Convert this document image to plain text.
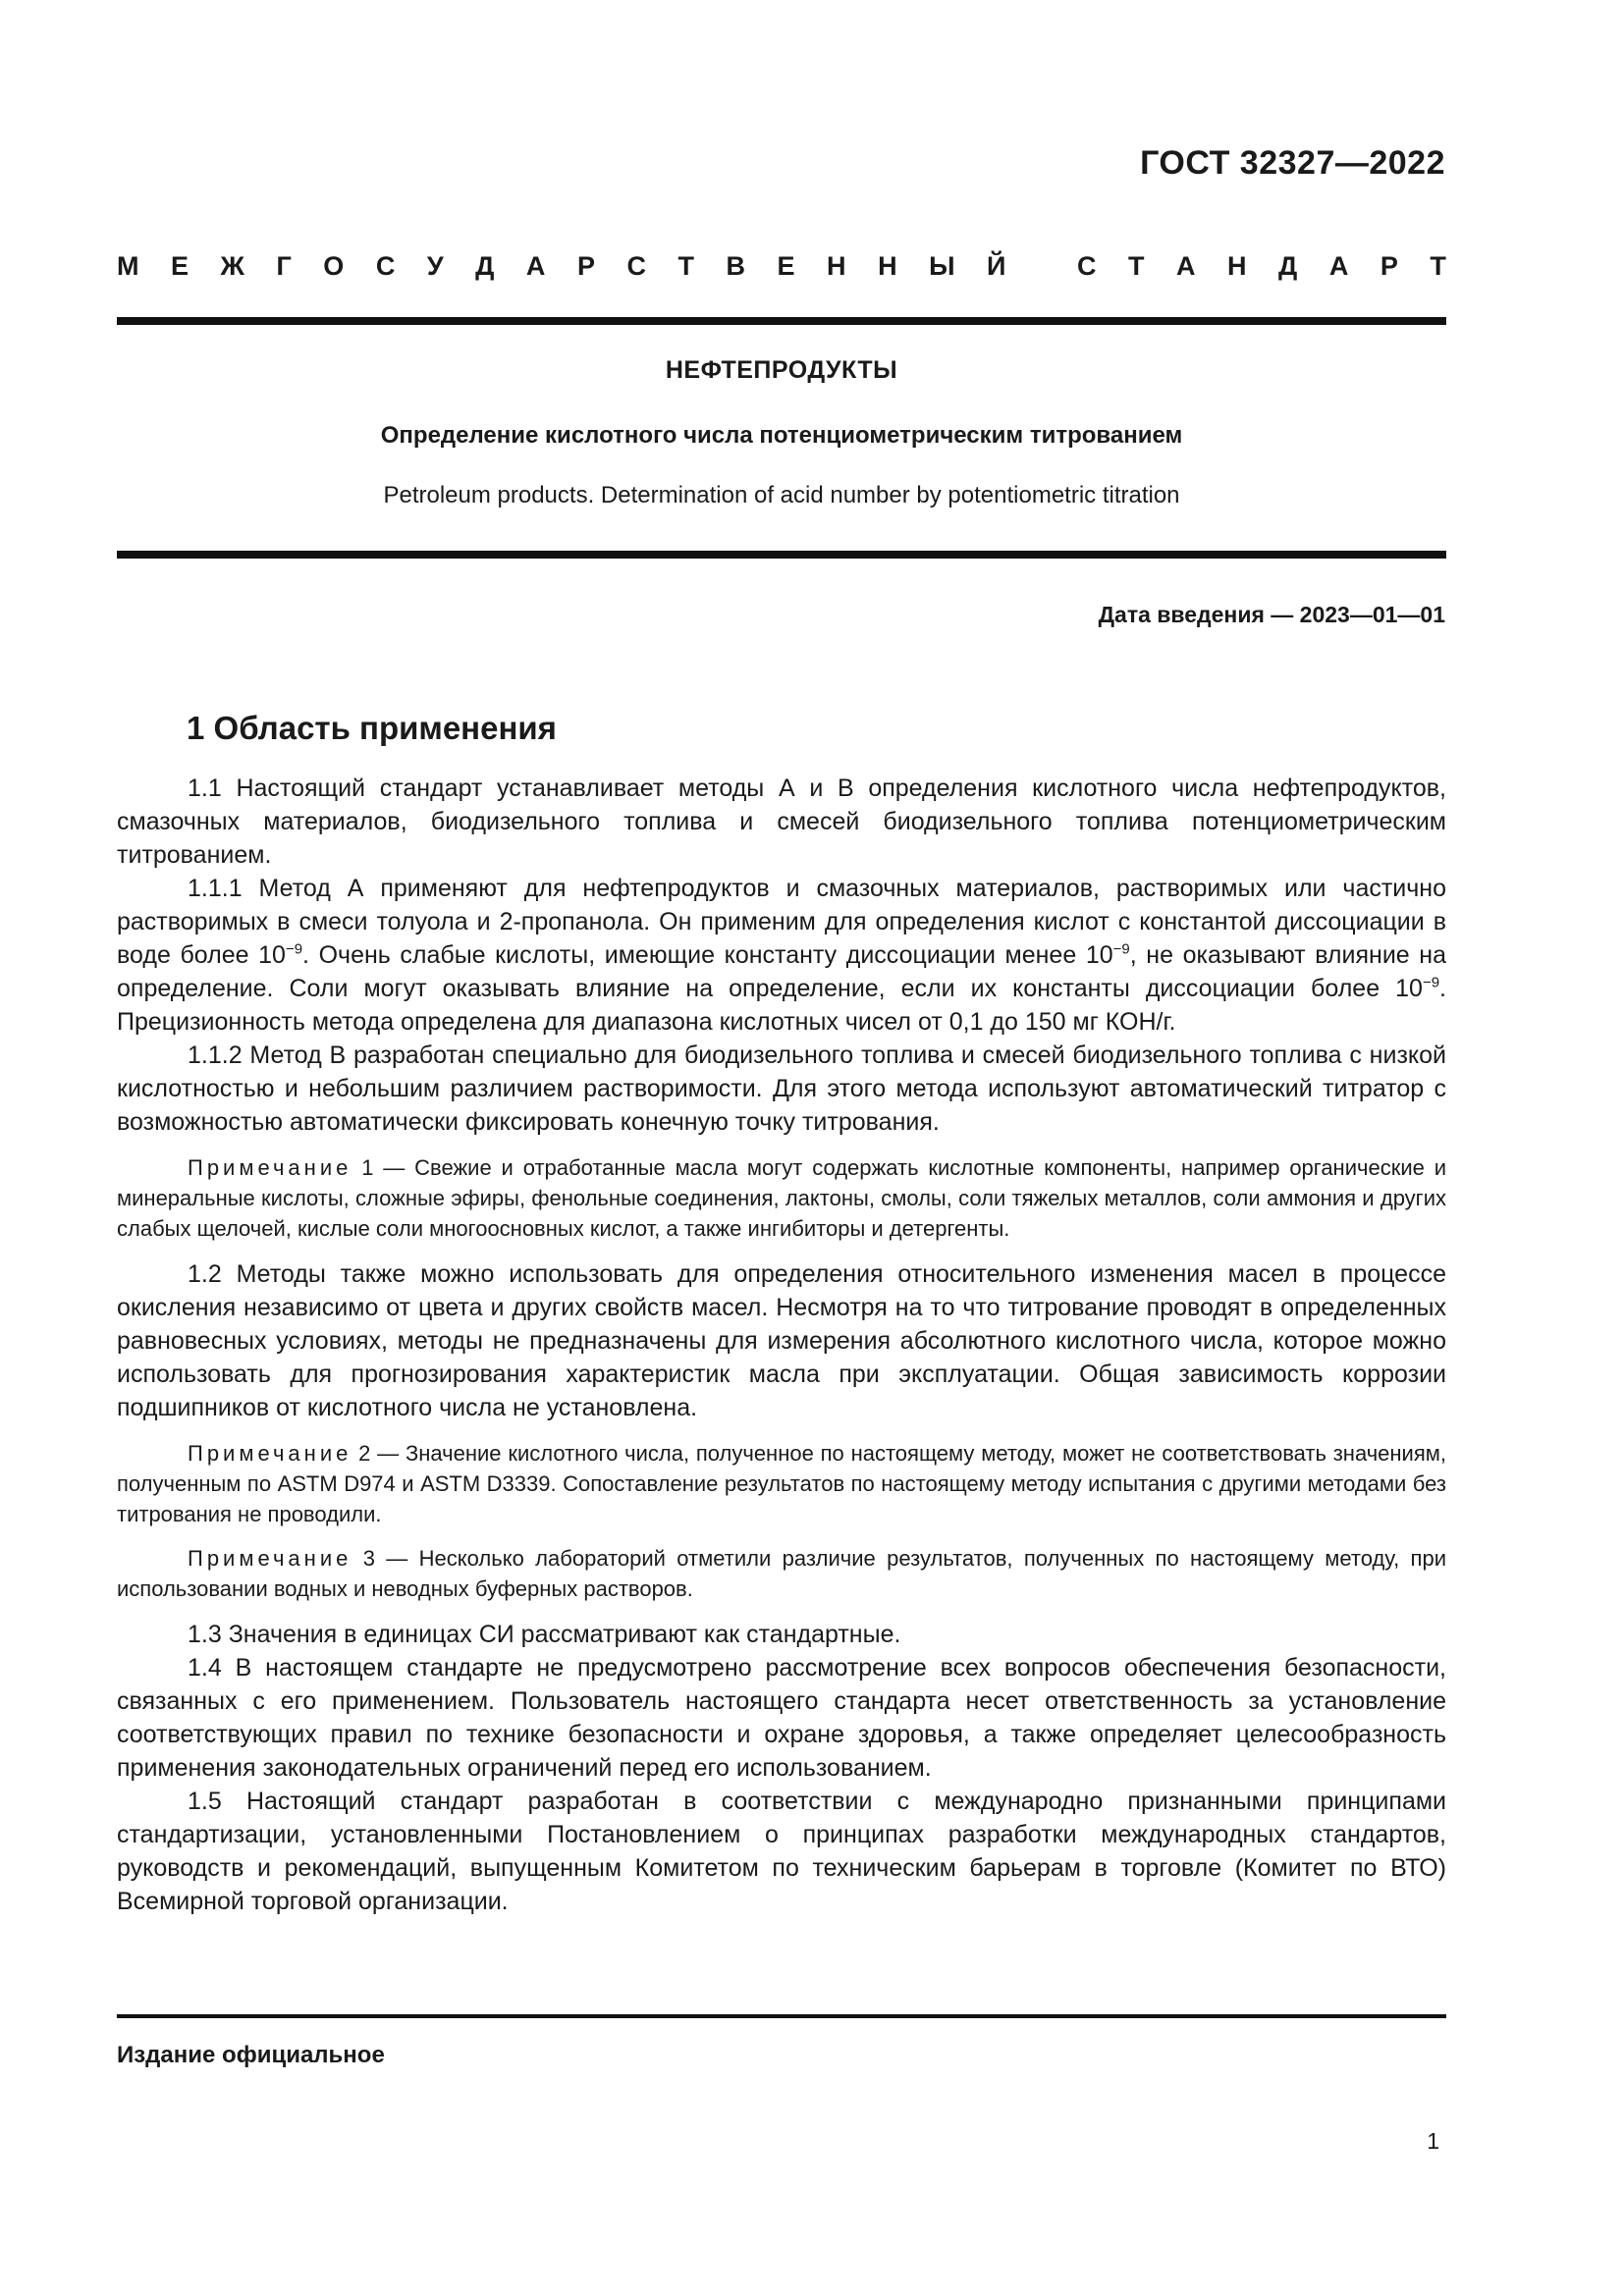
ГОСТ 32327—2022
М Е Ж Г О С У Д А Р С Т В Е Н Н Ы Й
	С Т А Н Д А Р Т
НЕФТЕПРОДУКТЫ
Определение кислотного числа потенциометрическим титрованием
Petroleum products. Determination of acid number by potentiometric titration
Дата введения — 2023—01—01
1 Область применения

1.1 Настоящий стандарт устанавливает методы А и В определения кислотного числа нефтепродуктов, смазочных материалов, биодизельного топлива и смесей биодизельного топлива потенциометрическим титрованием.

1.1.1 Метод А применяют для нефтепродуктов и смазочных материалов, растворимых или частично растворимых в смеси толуола и 2-пропанола. Он применим для определения кислот с константой диссоциации в воде более $10^{-9}$. Очень слабые кислоты, имеющие константу диссоциации менее $10^{-9}$, не оказывают влияние на определение. Соли могут оказывать влияние на определение, если их константы диссоциации более $10^{-9}$. Прецизионность метода определена для диапазона кислотных чисел от 0,1 до 150 мг КОН/г.

1.1.2 Метод В разработан специально для биодизельного топлива и смесей биодизельного топлива с низкой кислотностью и небольшим различием растворимости. Для этого метода используют автоматический титратор с возможностью автоматически фиксировать конечную точку титрования.

Примечание 1 — Свежие и отработанные масла могут содержать кислотные компоненты, например органические и минеральные кислоты, сложные эфиры, фенольные соединения, лактоны, смолы, соли тяжелых металлов, соли аммония и других слабых щелочей, кислые соли многоосновных кислот, а также ингибиторы и детергенты.

1.2 Методы также можно использовать для определения относительного изменения масел в процессе окисления независимо от цвета и других свойств масел. Несмотря на то что титрование проводят в определенных равновесных условиях, методы не предназначены для измерения абсолютного кислотного числа, которое можно использовать для прогнозирования характеристик масла при эксплуатации. Общая зависимость коррозии подшипников от кислотного числа не установлена.

Примечание 2 — Значение кислотного числа, полученное по настоящему методу, может не соответствовать значениям, полученным по ASTM D974 и ASTM D3339. Сопоставление результатов по настоящему методу испытания с другими методами без титрования не проводили.

Примечание 3 — Несколько лабораторий отметили различие результатов, полученных по настоящему методу, при использовании водных и неводных буферных растворов.

1.3 Значения в единицах СИ рассматривают как стандартные.

1.4 В настоящем стандарте не предусмотрено рассмотрение всех вопросов обеспечения безопасности, связанных с его применением. Пользователь настоящего стандарта несет ответственность за установление соответствующих правил по технике безопасности и охране здоровья, а также определяет целесообразность применения законодательных ограничений перед его использованием.

1.5 Настоящий стандарт разработан в соответствии с международно признанными принципами стандартизации, установленными Постановлением о принципах разработки международных стандартов, руководств и рекомендаций, выпущенным Комитетом по техническим барьерам в торговле (Комитет по ВТО) Всемирной торговой организации.

Издание официальное
1
